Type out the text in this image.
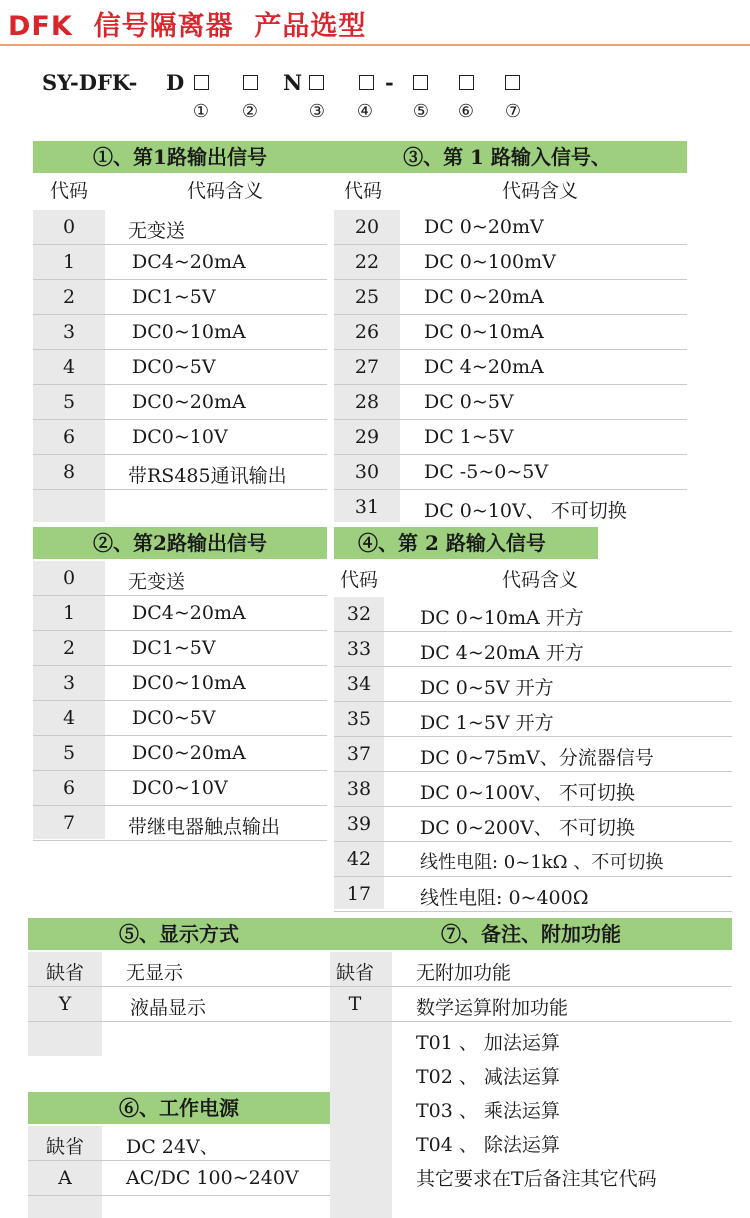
DFK  信号隔离器  产品选型
SY-DFK- D	N	-
① ②	③ ④ ⑤ ⑥ ⑦
①、第1路输出信号	③、第 1 路输入信号、
代码	代码含义	代码	代码含义
0	无变送
1	DC4~20mA
2	DC1~5V
3	DC0~10mA
4	DC0~5V
5	DC0~20mA
6	DC0~10V
8	带RS485通讯输出
20	DC 0~20mV
22	DC 0~100mV
25	DC 0~20mA
26	DC 0~10mA
27	DC 4~20mA
28	DC 0~5V
29	DC 1~5V
30	DC -5~0~5V
31	DC 0~10V、 不可切换
②、第2路输出信号	④、第 2 路输入信号
0	无变送
1	DC4~20mA
2	DC1~5V
3	DC0~10mA
4	DC0~5V
5	DC0~20mA
6	DC0~10V
7	带继电器触点输出
代码	代码含义
32	DC 0~10mA 开方
33	DC 4~20mA 开方
34	DC 0~5V 开方
35	DC 1~5V 开方
37	DC 0~75mV、分流器信号
38	DC 0~100V、 不可切换
39	DC 0~200V、 不可切换
42	线性电阻: 0~1kΩ 、不可切换
17	线性电阻: 0~400Ω
⑤、显示方式
缺省	无显示
Y	液晶显示
⑥、工作电源
缺省	DC 24V、
A	AC/DC 100~240V
⑦、备注、附加功能
缺省	无附加功能
T	数学运算附加功能
T01 、 加法运算
T02 、 减法运算
T03 、 乘法运算
T04 、 除法运算
其它要求在T后备注其它代码
